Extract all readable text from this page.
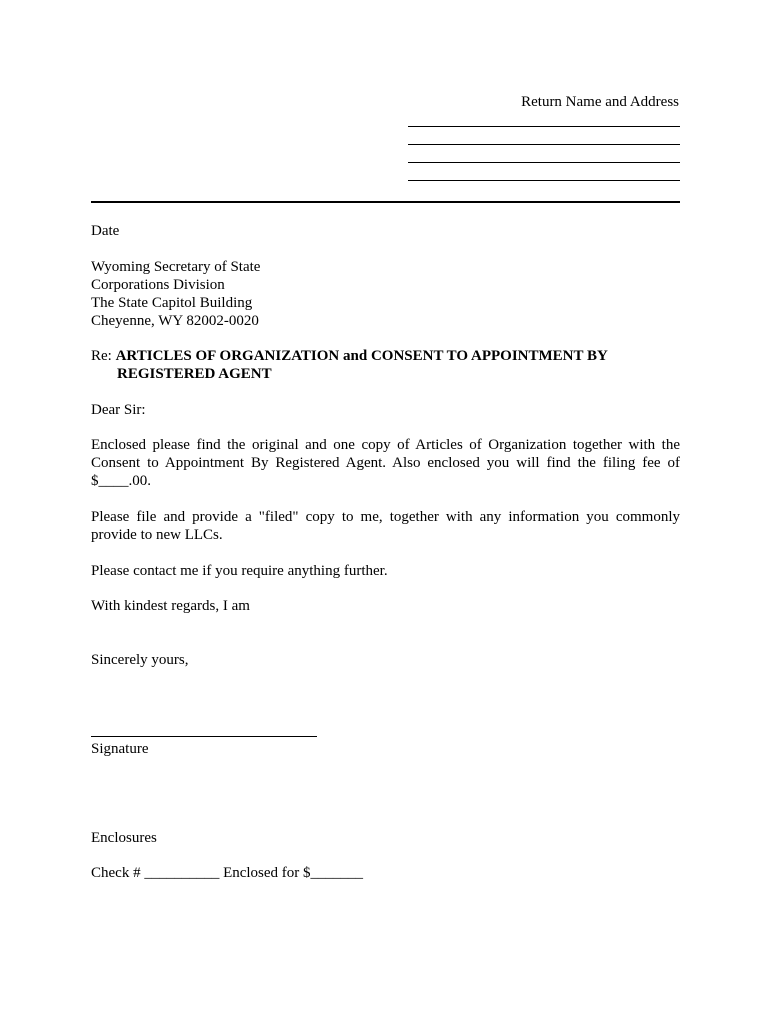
Return Name and Address
Date
Wyoming Secretary of State
Corporations Division
The State Capitol Building
Cheyenne, WY 82002-0020
Re: ARTICLES OF ORGANIZATION and CONSENT TO APPOINTMENT BY
REGISTERED AGENT
Dear Sir:
Enclosed please find the original and one copy of Articles of Organization together with the
Consent to Appointment By Registered Agent. Also enclosed you will find the filing fee of
$____.00.
Please file and provide a "filed" copy to me, together with any information you commonly
provide to new LLCs.
Please contact me if you require anything further.
With kindest regards, I am
Sincerely yours,
Signature
Enclosures
Check # __________ Enclosed for $_______
